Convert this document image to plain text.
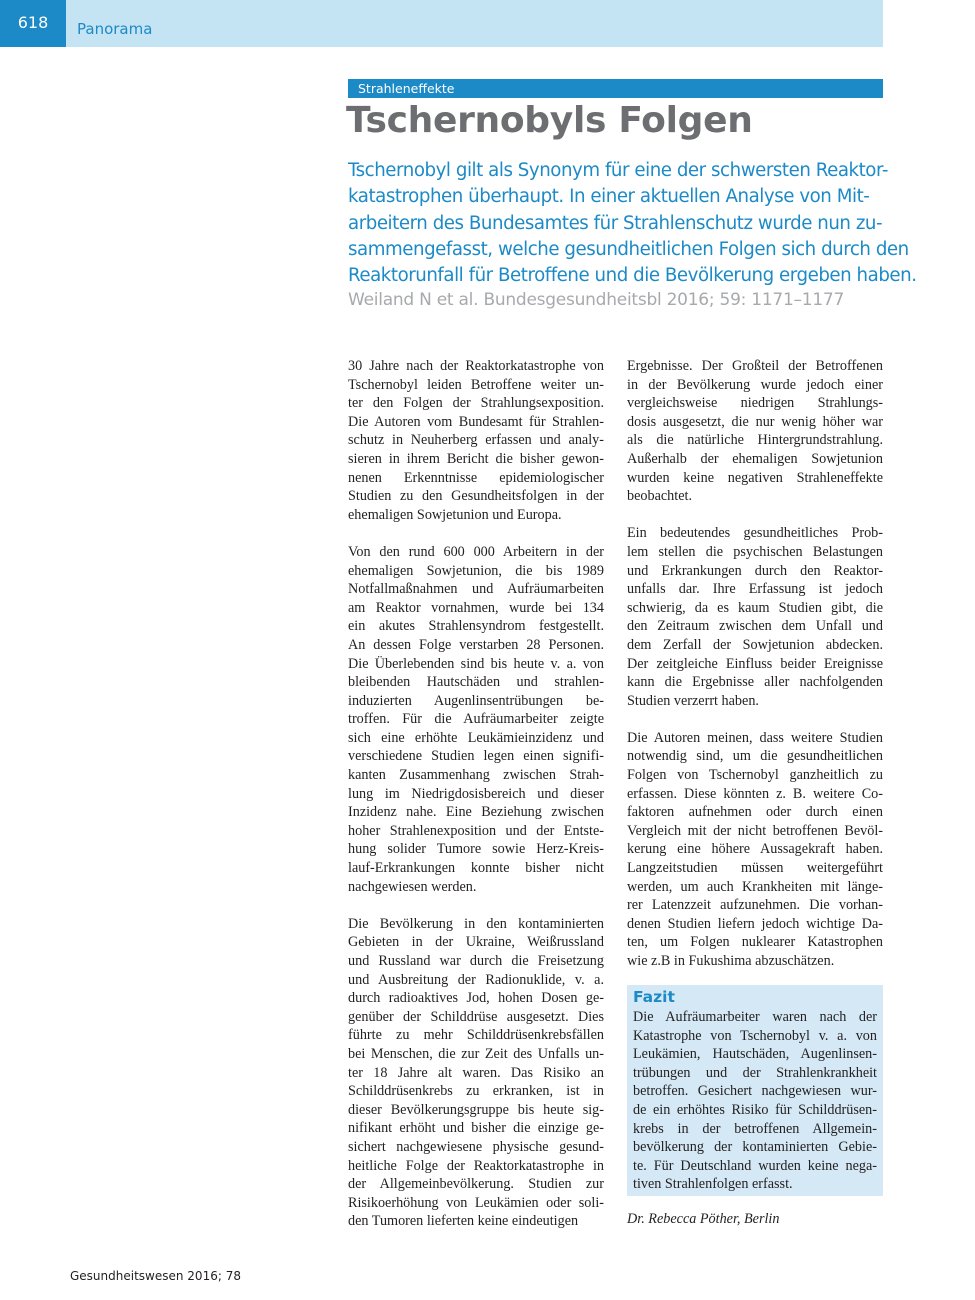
618	Panorama
Strahleneffekte
Tschernobyls Folgen
Tschernobyl gilt als Synonym für eine der schwersten Reaktor-
katastrophen überhaupt. In einer aktuellen Analyse von Mit-
arbeitern des Bundesamtes für Strahlenschutz wurde nun zu-
sammengefasst, welche gesundheitlichen Folgen sich durch den
Reaktorunfall für Betroffene und die Bevölkerung ergeben haben.
Weiland N et al. Bundesgesundheitsbl 2016; 59: 1171–1177
30 Jahre nach der Reaktorkatastrophe von
Tschernobyl leiden Betroffene weiter un-
ter den Folgen der Strahlungsexposition.
Die Autoren vom Bundesamt für Strahlen-
schutz in Neuherberg erfassen und analy-
sieren in ihrem Bericht die bisher gewon-
nenen Erkenntnisse epidemiologischer
Studien zu den Gesundheitsfolgen in der
ehemaligen Sowjetunion und Europa.
Von den rund 600 000 Arbeitern in der
ehemaligen Sowjetunion, die bis 1989
Notfallmaßnahmen und Aufräumarbeiten
am Reaktor vornahmen, wurde bei 134
ein akutes Strahlensyndrom festgestellt.
An dessen Folge verstarben 28 Personen.
Die Überlebenden sind bis heute v. a. von
bleibenden Hautschäden und strahlen-
induzierten Augenlinsentrübungen be-
troffen. Für die Aufräumarbeiter zeigte
sich eine erhöhte Leukämieinzidenz und
verschiedene Studien legen einen signifi-
kanten Zusammenhang zwischen Strah-
lung im Niedrigdosisbereich und dieser
Inzidenz nahe. Eine Beziehung zwischen
hoher Strahlenexposition und der Entste-
hung solider Tumore sowie Herz-Kreis-
lauf-Erkrankungen konnte bisher nicht
nachgewiesen werden.
Die Bevölkerung in den kontaminierten
Gebieten in der Ukraine, Weißrussland
und Russland war durch die Freisetzung
und Ausbreitung der Radionuklide, v. a.
durch radioaktives Jod, hohen Dosen ge-
genüber der Schilddrüse ausgesetzt. Dies
führte zu mehr Schilddrüsenkrebsfällen
bei Menschen, die zur Zeit des Unfalls un-
ter 18 Jahre alt waren. Das Risiko an
Schilddrüsenkrebs zu erkranken, ist in
dieser Bevölkerungsgruppe bis heute sig-
nifikant erhöht und bisher die einzige ge-
sichert nachgewiesene physische gesund-
heitliche Folge der Reaktorkatastrophe in
der Allgemeinbevölkerung. Studien zur
Risikoerhöhung von Leukämien oder soli-
den Tumoren lieferten keine eindeutigen
Ergebnisse. Der Großteil der Betroffenen
in der Bevölkerung wurde jedoch einer
vergleichsweise niedrigen Strahlungs-
dosis ausgesetzt, die nur wenig höher war
als die natürliche Hintergrundstrahlung.
Außerhalb der ehemaligen Sowjetunion
wurden keine negativen Strahleneffekte
beobachtet.
Ein bedeutendes gesundheitliches Prob-
lem stellen die psychischen Belastungen
und Erkrankungen durch den Reaktor-
unfalls dar. Ihre Erfassung ist jedoch
schwierig, da es kaum Studien gibt, die
den Zeitraum zwischen dem Unfall und
dem Zerfall der Sowjetunion abdecken.
Der zeitgleiche Einfluss beider Ereignisse
kann die Ergebnisse aller nachfolgenden
Studien verzerrt haben.
Die Autoren meinen, dass weitere Studien
notwendig sind, um die gesundheitlichen
Folgen von Tschernobyl ganzheitlich zu
erfassen. Diese könnten z. B. weitere Co-
faktoren aufnehmen oder durch einen
Vergleich mit der nicht betroffenen Bevöl-
kerung eine höhere Aussagekraft haben.
Langzeitstudien müssen weitergeführt
werden, um auch Krankheiten mit länge-
rer Latenzzeit aufzunehmen. Die vorhan-
denen Studien liefern jedoch wichtige Da-
ten, um Folgen nuklearer Katastrophen
wie z.B in Fukushima abzuschätzen.
Fazit
Die Aufräumarbeiter waren nach der
Katastrophe von Tschernobyl v. a. von
Leukämien, Hautschäden, Augenlinsen-
trübungen und der Strahlenkrankheit
betroffen. Gesichert nachgewiesen wur-
de ein erhöhtes Risiko für Schilddrüsen-
krebs in der betroffenen Allgemein-
bevölkerung der kontaminierten Gebie-
te. Für Deutschland wurden keine nega-
tiven Strahlenfolgen erfasst.
Dr. Rebecca Pöther, Berlin
Gesundheitswesen 2016; 78
